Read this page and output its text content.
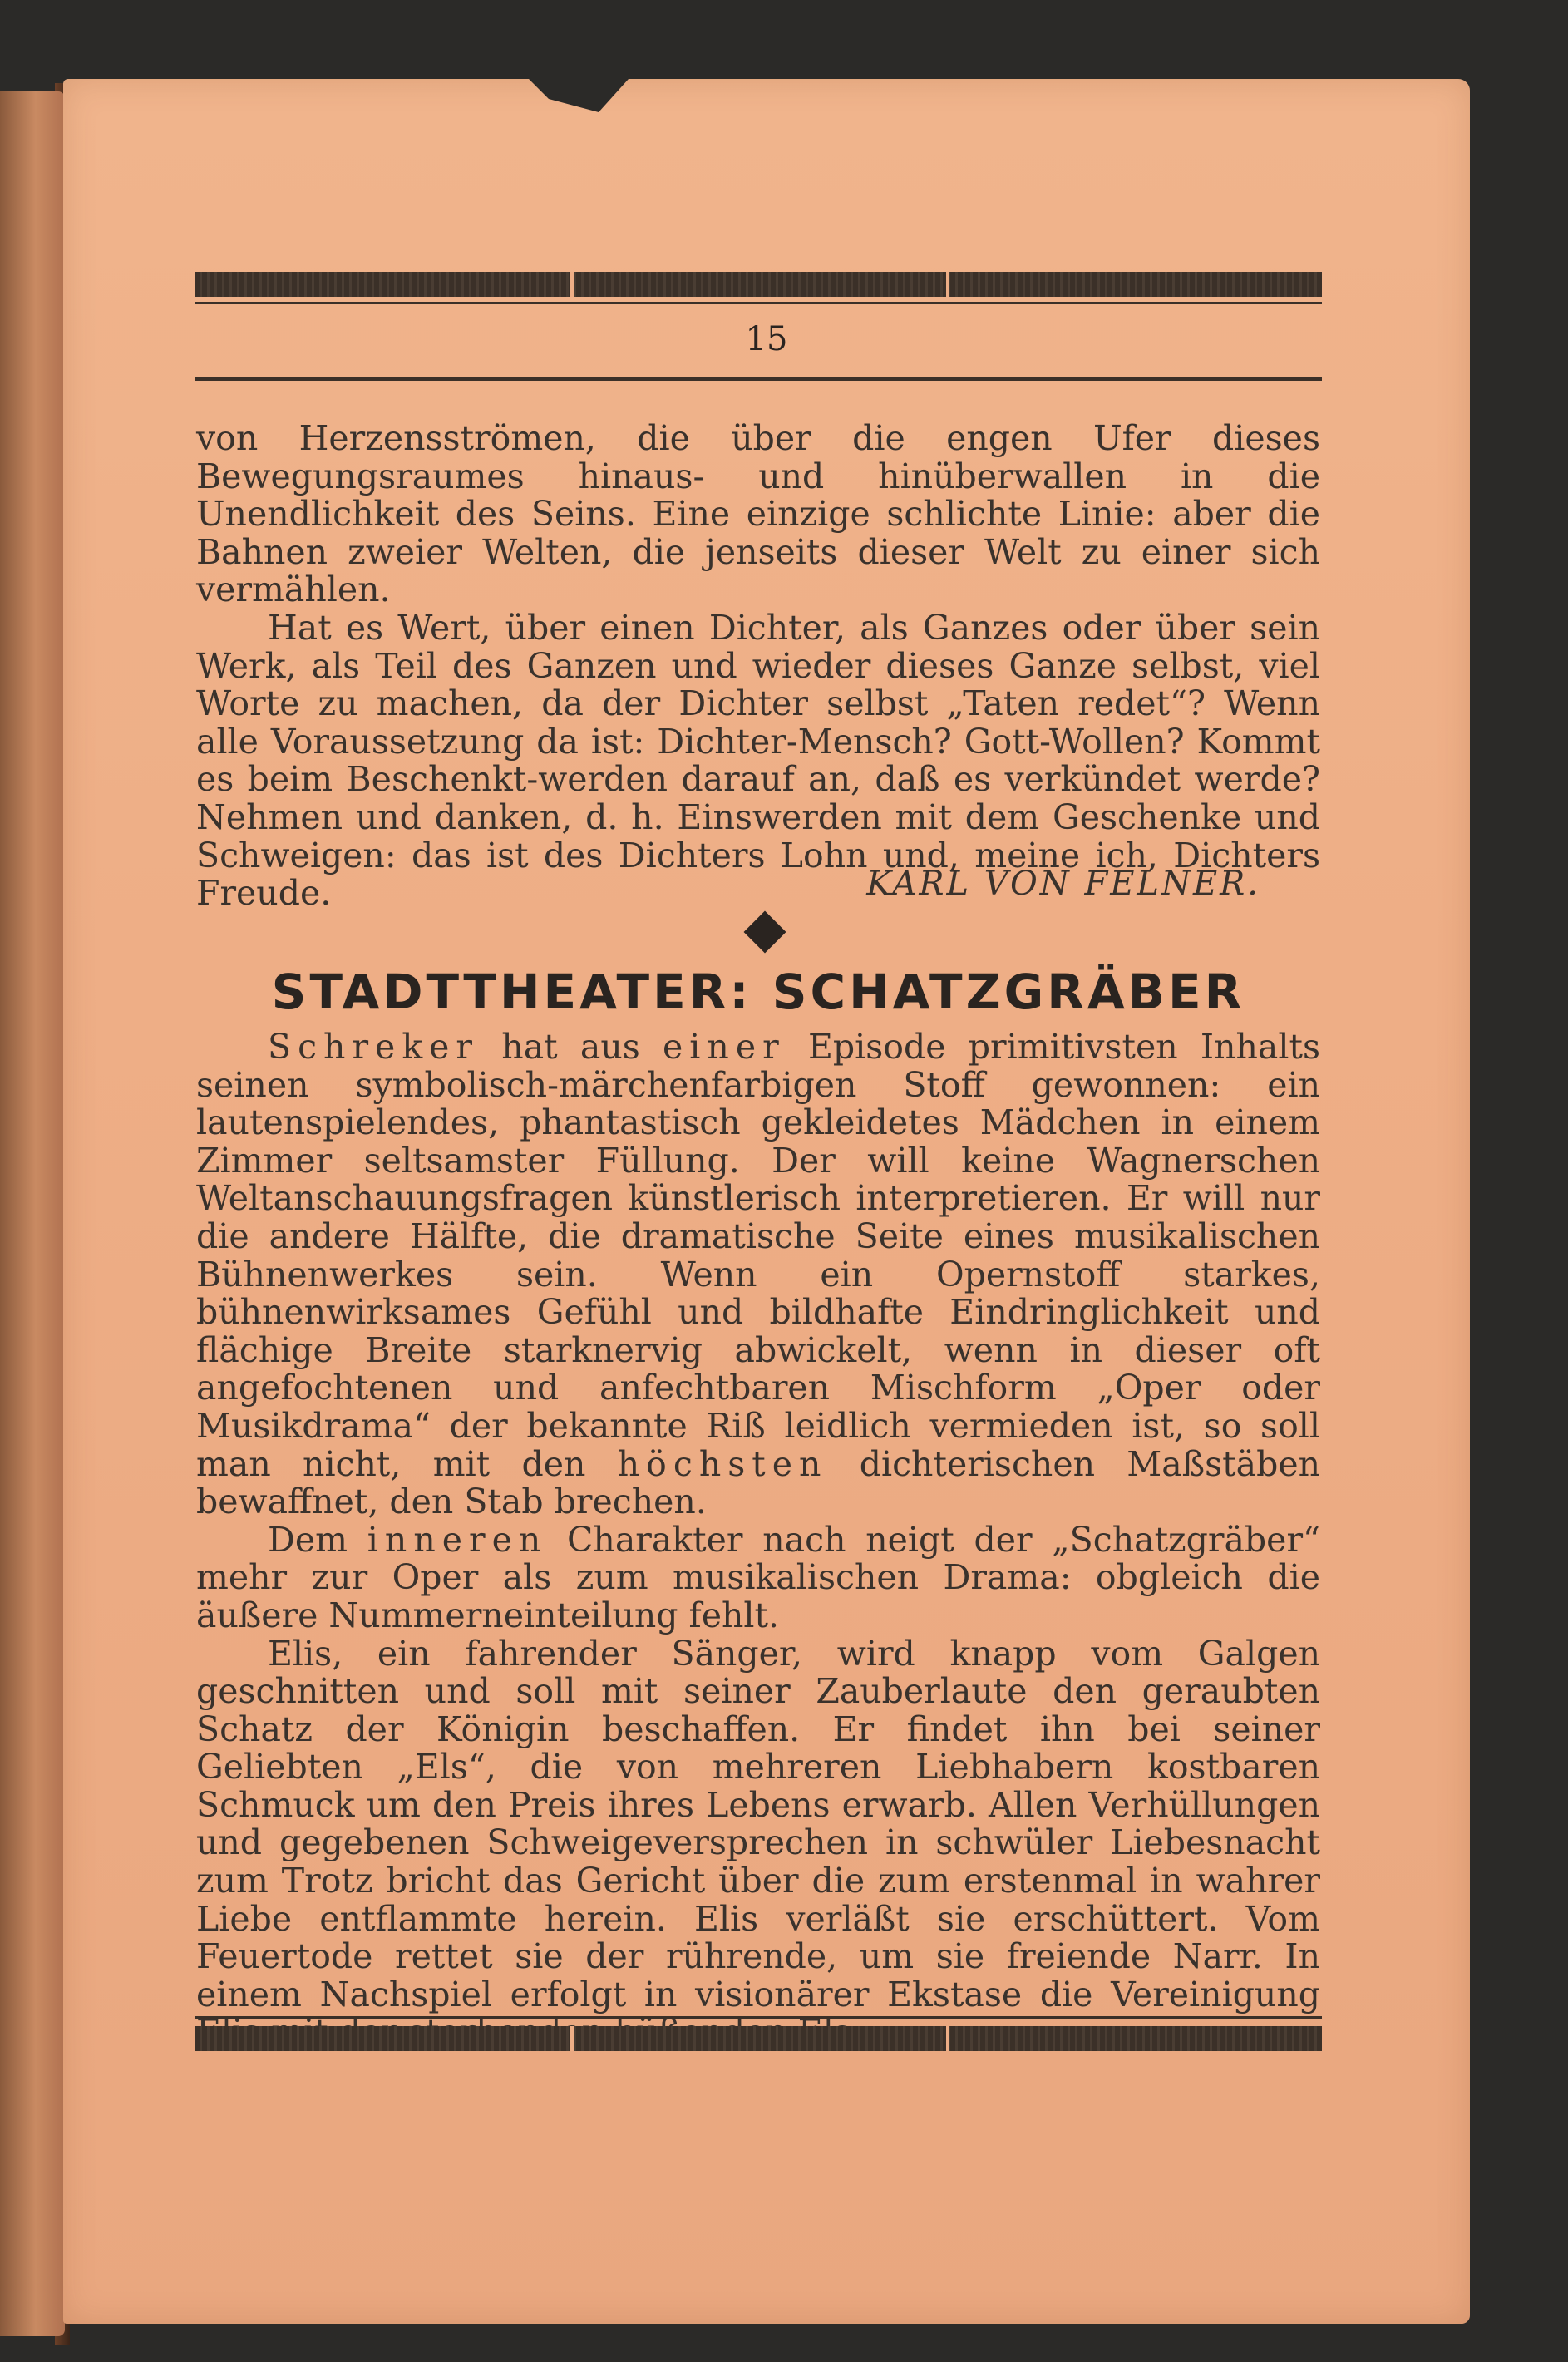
15

von Herzensströmen, die über die engen Ufer dieses Bewegungsraumes hinaus- und hinüberwallen in die Unendlichkeit des Seins. Eine einzige schlichte Linie: aber die Bahnen zweier Welten, die jenseits dieser Welt zu einer sich vermählen.

Hat es Wert, über einen Dichter, als Ganzes oder über sein Werk, als Teil des Ganzen und wieder dieses Ganze selbst, viel Worte zu machen, da der Dichter selbst „Taten redet“? Wenn alle Voraussetzung da ist: Dichter-Mensch? Gott-Wollen? Kommt es beim Beschenkt-werden darauf an, daß es verkündet werde? Nehmen und danken, d. h. Einswerden mit dem Geschenke und Schweigen: das ist des Dichters Lohn und, meine ich, Dichters Freude.	KARL VON FELNER.
STADTTHEATER: SCHATZGRÄBER

Schreker hat aus einer Episode primitivsten Inhalts seinen symbolisch-märchenfarbigen Stoff gewonnen: ein lautenspielendes, phantastisch gekleidetes Mädchen in einem Zimmer seltsamster Füllung. Der will keine Wagnerschen Weltanschauungsfragen künstlerisch interpretieren. Er will nur die andere Hälfte, die dramatische Seite eines musikalischen Bühnenwerkes sein. Wenn ein Opernstoff starkes, bühnenwirksames Gefühl und bildhafte Eindringlichkeit und flächige Breite starknervig abwickelt, wenn in dieser oft angefochtenen und anfechtbaren Mischform „Oper oder Musikdrama“ der bekannte Riß leidlich vermieden ist, so soll man nicht, mit den höchsten dichterischen Maßstäben bewaffnet, den Stab brechen.

Dem inneren Charakter nach neigt der „Schatzgräber“ mehr zur Oper als zum musikalischen Drama: obgleich die äußere Nummerneinteilung fehlt.

Elis, ein fahrender Sänger, wird knapp vom Galgen geschnitten und soll mit seiner Zauberlaute den geraubten Schatz der Königin beschaffen. Er findet ihn bei seiner Geliebten „Els“, die von mehreren Liebhabern kostbaren Schmuck um den Preis ihres Lebens erwarb. Allen Verhüllungen und gegebenen Schweigeversprechen in schwüler Liebesnacht zum Trotz bricht das Gericht über die zum erstenmal in wahrer Liebe entflammte herein. Elis verläßt sie erschüttert. Vom Feuertode rettet sie der rührende, um sie freiende Narr. In einem Nachspiel erfolgt in visionärer Ekstase die Vereinigung
